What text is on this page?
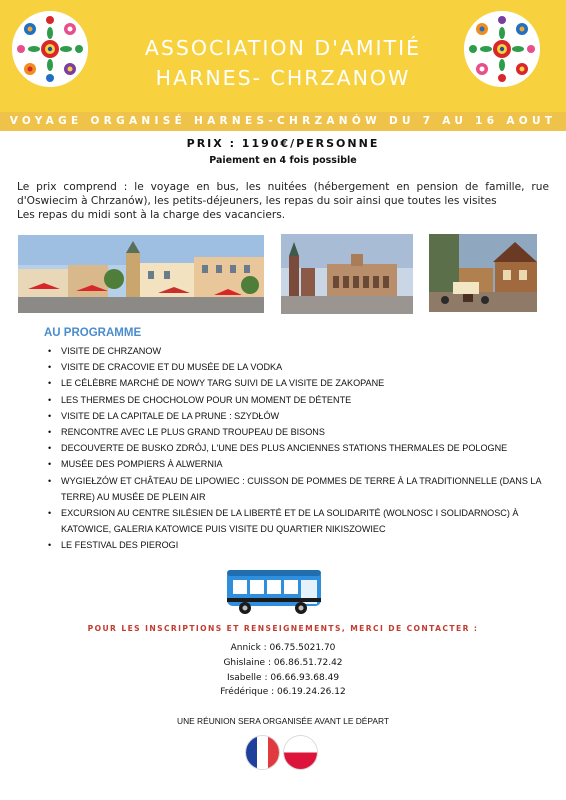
ASSOCIATION D'AMITIÉ
HARNES- CHRZANOW
VOYAGE ORGANISÉ HARNES-CHRZANÓW DU 7 AU 16 AOUT
PRIX : 1190€/PERSONNE
Paiement en 4 fois possible

Le prix comprend : le voyage en bus, les nuitées (hébergement en pension de famille, rue d'Oswiecim à Chrzanów), les petits-déjeuners, les repas du soir ainsi que toutes les visites

Les repas du midi sont à la charge des vacanciers.

AU PROGRAMME
• VISITE DE CHRZANOW
• VISITE DE CRACOVIE ET DU MUSÉE DE LA VODKA
• LE CÉLÈBRE MARCHÉ DE NOWY TARG SUIVI DE LA VISITE DE ZAKOPANE
• LES THERMES DE CHOCHOLOW POUR UN MOMENT DE DÉTENTE
• VISITE DE LA CAPITALE DE LA PRUNE : SZYDŁÓW
• RENCONTRE AVEC LE PLUS GRAND TROUPEAU DE BISONS
• DECOUVERTE DE BUSKO ZDRÓJ, L'UNE DES PLUS ANCIENNES STATIONS THERMALES DE POLOGNE
• MUSÉE DES POMPIERS À ALWERNIA
• WYGIEŁZÓW ET CHÂTEAU DE LIPOWIEC : CUISSON DE POMMES DE TERRE À LA TRADITIONNELLE (DANS LA TERRE) AU MUSÉE DE PLEIN AIR
• EXCURSION AU CENTRE SILÉSIEN DE LA LIBERTÉ ET DE LA SOLIDARITÉ (WOLNOSC I SOLIDARNOSC) À KATOWICE, GALERIA KATOWICE PUIS VISITE DU QUARTIER NIKISZOWIEC
• LE FESTIVAL DES PIEROGI
POUR LES INSCRIPTIONS ET RENSEIGNEMENTS, MERCI DE CONTACTER :
Annick : 06.75.5021.70
Ghislaine : 06.86.51.72.42
Isabelle : 06.66.93.68.49
Frédérique : 06.19.24.26.12
UNE RÉUNION SERA ORGANISÉE AVANT LE DÉPART
